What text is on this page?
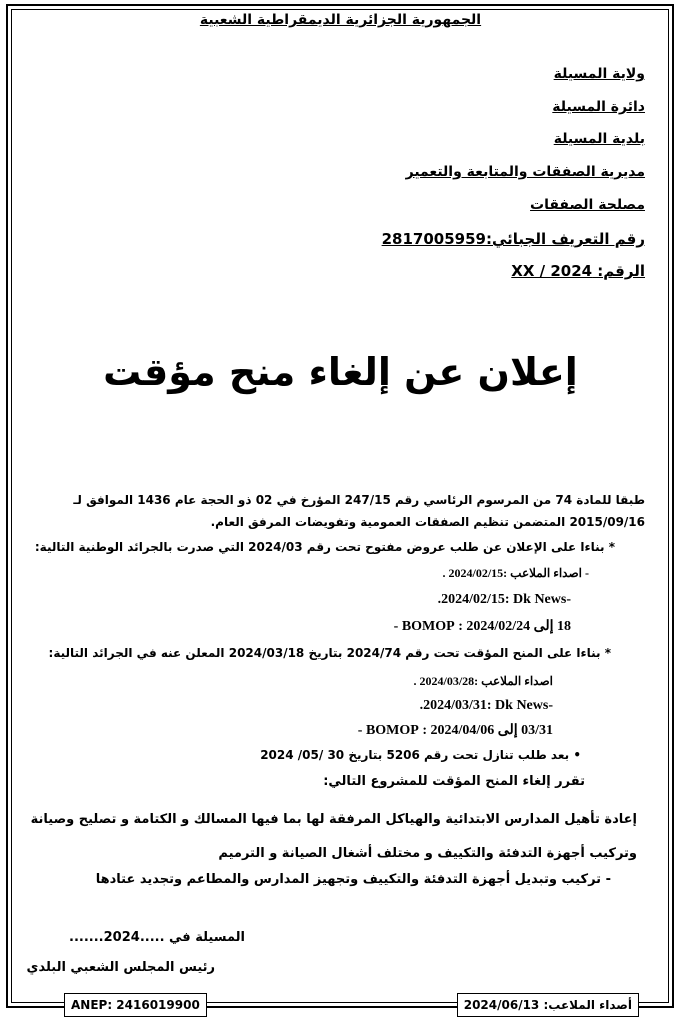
الجمهورية الجزائرية الديمقراطية الشعبية
ولاية المسيلة
دائرة المسيلة
بلدية المسيلة
مديرية الصفقات والمتابعة والتعمير
مصلحة الصفقات
رقم التعريف الجبائي:2817005959
الرقم: XX / 2024
إعلان عن إلغاء منح مؤقت
طبقا للمادة 74 من المرسوم الرئاسي رقم 247/15 المؤرخ في 02 ذو الحجة عام 1436 الموافق لـ
2015/09/16 المتضمن تنظيم الصفقات العمومية وتفويضات المرفق العام.
* بناءا على الإعلان عن طلب عروض مفتوح تحت رقم 2024/03 التي صدرت بالجرائد الوطنية التالية:
- اصداء الملاعب :2024/02/15 .
.2024/02/15: Dk News-
18 إلى 2024/02/24 : BOMOP -
* بناءا على المنح المؤقت تحت رقم 2024/74 بتاريخ 2024/03/18 المعلن عنه في الجرائد التالية:
اصداء الملاعب :2024/03/28 .
.2024/03/31: Dk News-
03/31 إلى 2024/04/06 : BOMOP -
• بعد طلب تنازل تحت رقم 5206 بتاريخ 30 /05/ 2024
تقرر إلغاء المنح المؤقت للمشروع التالي:
إعادة تأهيل المدارس الابتدائية والهياكل المرفقة لها بما فيها المسالك و الكتامة و تصليح وصيانة
وتركيب أجهزة التدفئة والتكييف و مختلف أشغال الصيانة و الترميم
- تركيب وتبديل أجهزة التدفئة والتكييف وتجهيز المدارس والمطاعم وتجديد عتادها
المسيلة في .....2024.......
رئيس المجلس الشعبي البلدي
ANEP: 2416019900	أصداء الملاعب: 2024/06/13
